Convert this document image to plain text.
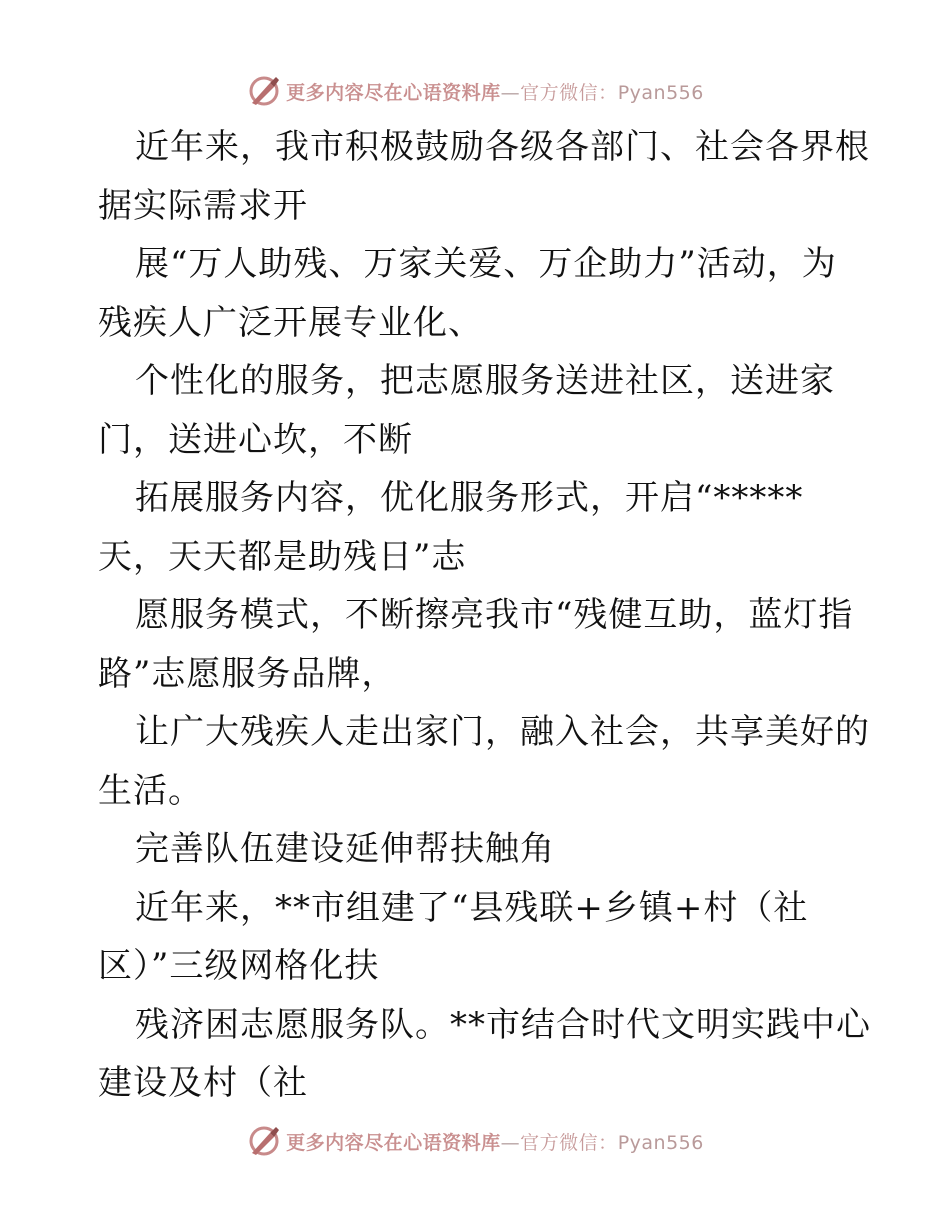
更多内容尽在心语资料库—官方微信：Pyan556
近年来，我市积极鼓励各级各部门、社会各界根
据实际需求开
展“万人助残、万家关爱、万企助力”活动，为
残疾人广泛开展专业化、
个性化的服务，把志愿服务送进社区，送进家
门，送进心坎，不断
拓展服务内容，优化服务形式，开启“*****
天，天天都是助残日”志
愿服务模式，不断擦亮我市“残健互助，蓝灯指
路”志愿服务品牌，
让广大残疾人走出家门，融入社会，共享美好的
生活。
完善队伍建设延伸帮扶触角
近年来，**市组建了“县残联+乡镇+村（社
区）”三级网格化扶
残济困志愿服务队。**市结合时代文明实践中心
建设及村（社
更多内容尽在心语资料库—官方微信：Pyan556
